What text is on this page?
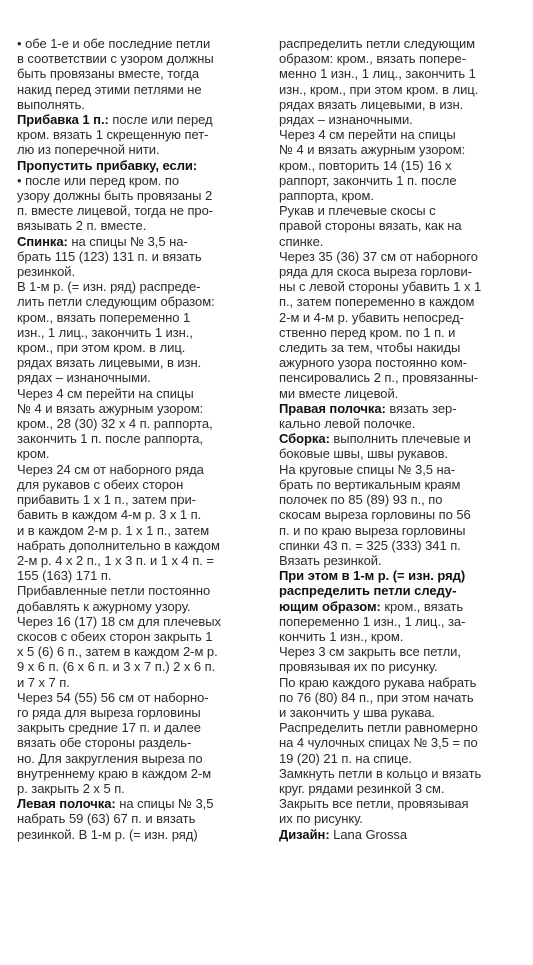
• обе 1-е и обе последние петли
в соответствии с узором должны
быть провязаны вместе, тогда
накид перед этими петлями не
выполнять.

Прибавка 1 п.: после или перед
кром. вязать 1 скрещенную пет-
лю из поперечной нити.

Пропустить прибавку, если:

• после или перед кром. по
узору должны быть провязаны 2
п. вместе лицевой, тогда не про-
вязывать 2 п. вместе.

Спинка: на спицы № 3,5 на-
брать 115 (123) 131 п. и вязать
резинкой.

В 1-м р. (= изн. ряд) распреде-
лить петли следующим образом:
кром., вязать попеременно 1
изн., 1 лиц., закончить 1 изн.,
кром., при этом кром. в лиц.
рядах вязать лицевыми, в изн.
рядах – изнаночными.

Через 4 см перейти на спицы
№ 4 и вязать ажурным узором:
кром., 28 (30) 32 х 4 п. раппорта,
закончить 1 п. после раппорта,
кром.

Через 24 см от наборного ряда
для рукавов с обеих сторон
прибавить 1 х 1 п., затем при-
бавить в каждом 4-м р. 3 х 1 п.
и в каждом 2-м р. 1 х 1 п., затем
набрать дополнительно в каждом
2-м р. 4 х 2 п., 1 х 3 п. и 1 х 4 п. =
155 (163) 171 п.

Прибавленные петли постоянно
добавлять к ажурному узору.

Через 16 (17) 18 см для плечевых
скосов с обеих сторон закрыть 1
х 5 (6) 6 п., затем в каждом 2-м р.
9 х 6 п. (6 х 6 п. и 3 х 7 п.) 2 х 6 п.
и 7 х 7 п.

Через 54 (55) 56 см от наборно-
го ряда для выреза горловины
закрыть средние 17 п. и далее
вязать обе стороны раздель-
но. Для закругления выреза по
внутреннему краю в каждом 2-м
р. закрыть 2 х 5 п.

Левая полочка: на спицы № 3,5
набрать 59 (63) 67 п. и вязать
резинкой. В 1-м р. (= изн. ряд)

распределить петли следующим
образом: кром., вязать попере-
менно 1 изн., 1 лиц., закончить 1
изн., кром., при этом кром. в лиц.
рядах вязать лицевыми, в изн.
рядах – изнаночными.

Через 4 см перейти на спицы
№ 4 и вязать ажурным узором:
кром., повторить 14 (15) 16 х
раппорт, закончить 1 п. после
раппорта, кром.

Рукав и плечевые скосы с
правой стороны вязать, как на
спинке.

Через 35 (36) 37 см от наборного
ряда для скоса выреза горлови-
ны с левой стороны убавить 1 х 1
п., затем попеременно в каждом
2-м и 4-м р. убавить непосред-
ственно перед кром. по 1 п. и
следить за тем, чтобы накиды
ажурного узора постоянно ком-
пенсировались 2 п., провязанны-
ми вместе лицевой.

Правая полочка: вязать зер-
кально левой полочке.

Сборка: выполнить плечевые и
боковые швы, швы рукавов.

На круговые спицы № 3,5 на-
брать по вертикальным краям
полочек по 85 (89) 93 п., по
скосам выреза горловины по 56
п. и по краю выреза горловины
спинки 43 п. = 325 (333) 341 п.
Вязать резинкой.

При этом в 1-м р. (= изн. ряд)
распределить петли следу-
ющим образом: кром., вязать
попеременно 1 изн., 1 лиц., за-
кончить 1 изн., кром.

Через 3 см закрыть все петли,
провязывая их по рисунку.

По краю каждого рукава набрать
по 76 (80) 84 п., при этом начать
и закончить у шва рукава.

Распределить петли равномерно
на 4 чулочных спицах № 3,5 = по
19 (20) 21 п. на спице.

Замкнуть петли в кольцо и вязать
круг. рядами резинкой 3 см.

Закрыть все петли, провязывая
их по рисунку.

Дизайн: Lana Grossa
